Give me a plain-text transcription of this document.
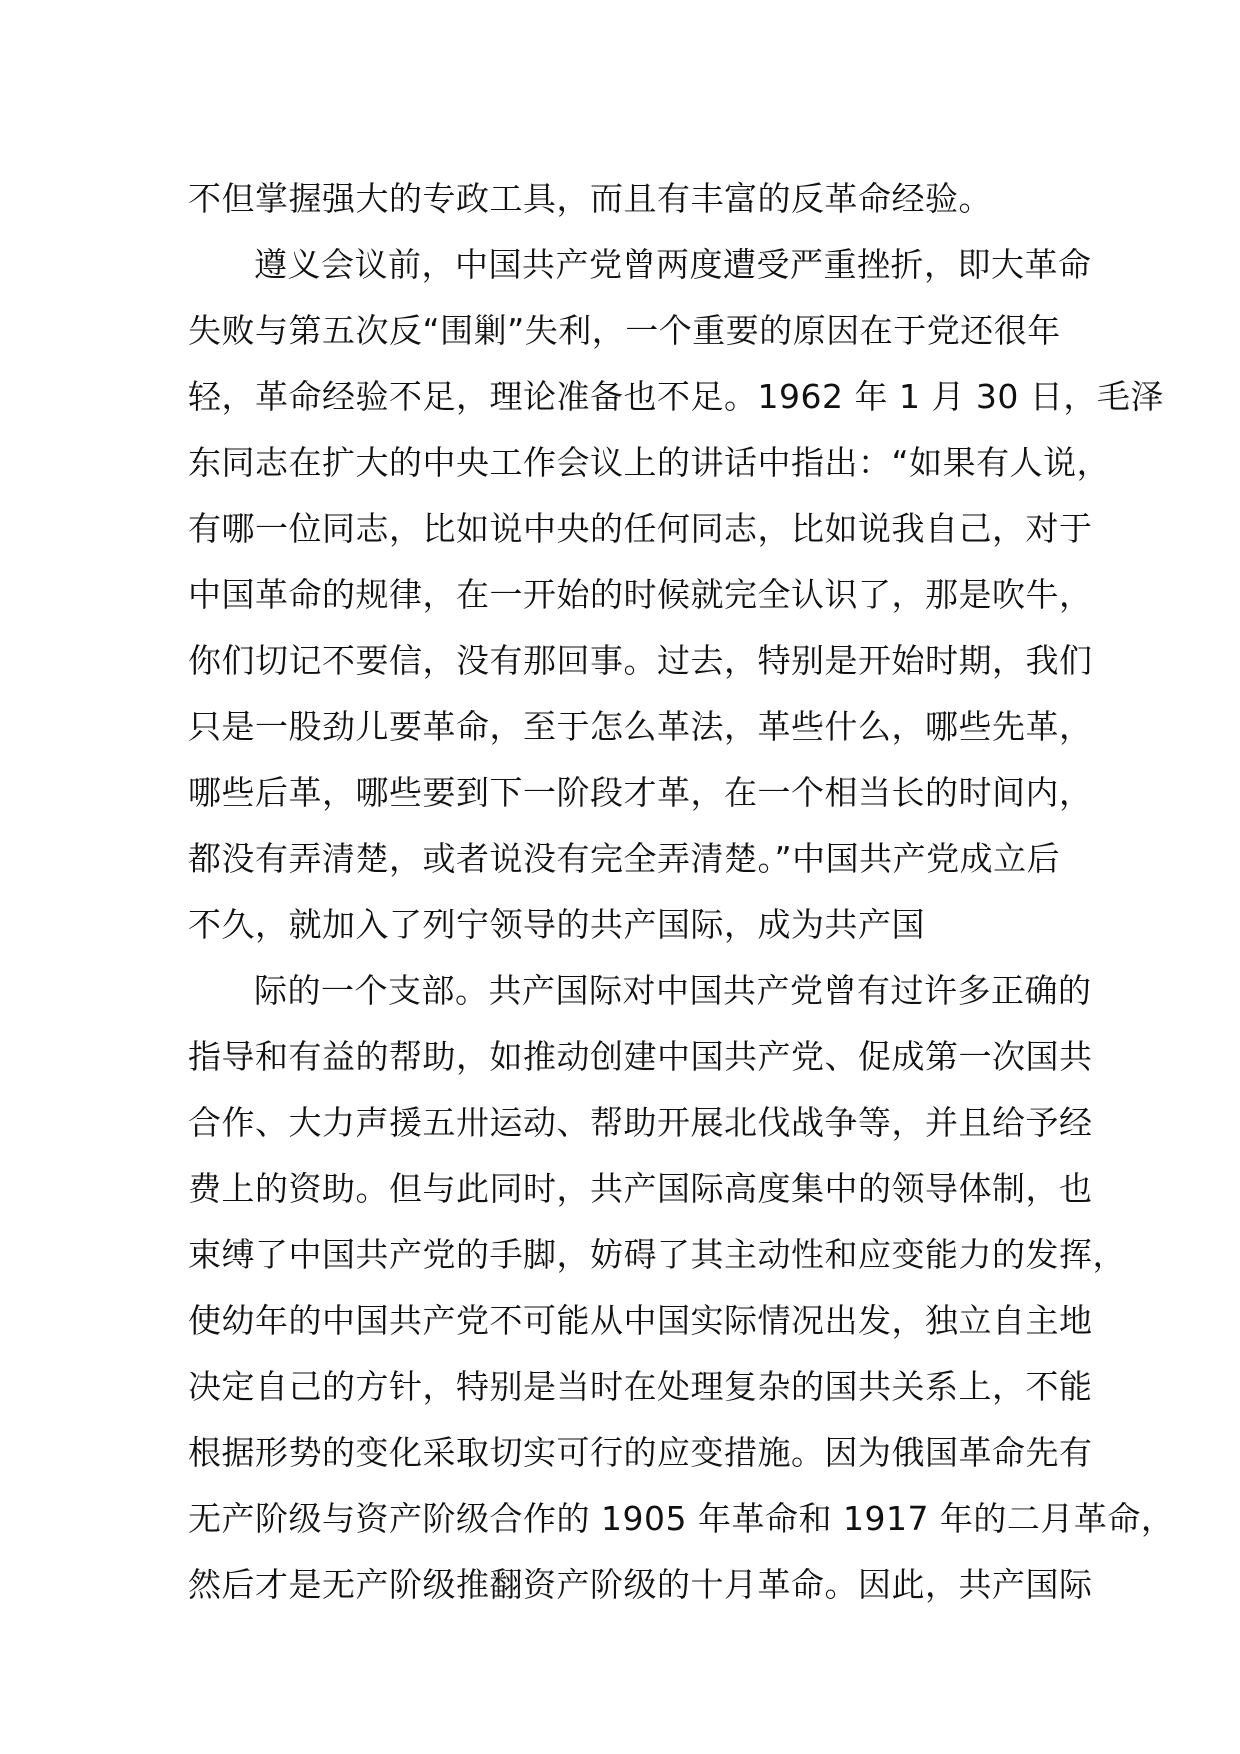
不但掌握强大的专政工具，而且有丰富的反革命经验。
遵义会议前，中国共产党曾两度遭受严重挫折，即大革命
失败与第五次反“围剿”失利，一个重要的原因在于党还很年
轻，革命经验不足，理论准备也不足。1962 年 1 月 30 日，毛泽
东同志在扩大的中央工作会议上的讲话中指出：“如果有人说，
有哪一位同志，比如说中央的任何同志，比如说我自己，对于
中国革命的规律，在一开始的时候就完全认识了，那是吹牛，
你们切记不要信，没有那回事。过去，特别是开始时期，我们
只是一股劲儿要革命，至于怎么革法，革些什么，哪些先革，
哪些后革，哪些要到下一阶段才革，在一个相当长的时间内，
都没有弄清楚，或者说没有完全弄清楚。”中国共产党成立后
不久，就加入了列宁领导的共产国际，成为共产国
际的一个支部。共产国际对中国共产党曾有过许多正确的
指导和有益的帮助，如推动创建中国共产党、促成第一次国共
合作、大力声援五卅运动、帮助开展北伐战争等，并且给予经
费上的资助。但与此同时，共产国际高度集中的领导体制，也
束缚了中国共产党的手脚，妨碍了其主动性和应变能力的发挥，
使幼年的中国共产党不可能从中国实际情况出发，独立自主地
决定自己的方针，特别是当时在处理复杂的国共关系上，不能
根据形势的变化采取切实可行的应变措施。因为俄国革命先有
无产阶级与资产阶级合作的 1905 年革命和 1917 年的二月革命，
然后才是无产阶级推翻资产阶级的十月革命。因此，共产国际
